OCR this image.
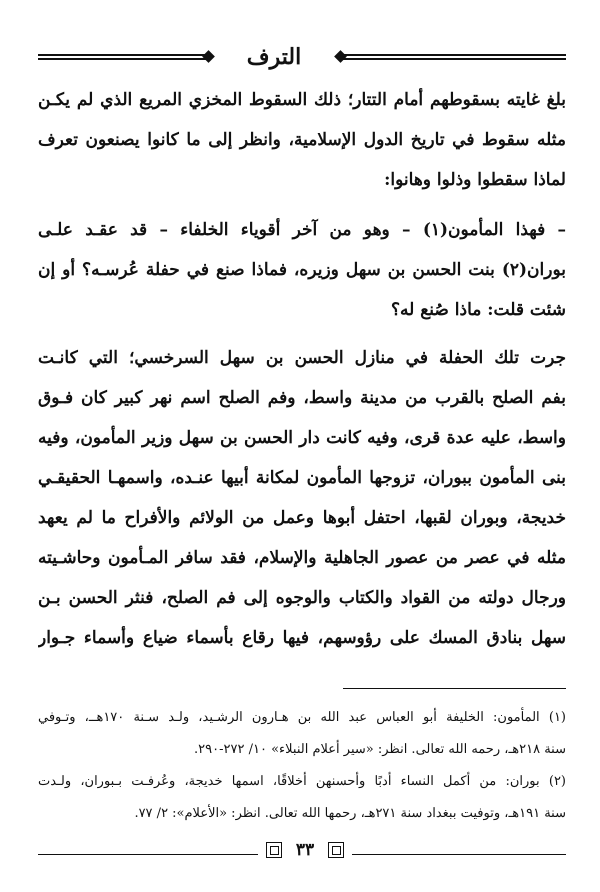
الترف
بلغ غايته بسقوطهم أمام التتار؛ ذلك السقوط المخزي المريع الذي لم يكـن
مثله سقوط في تاريخ الدول الإسلامية، وانظر إلى ما كانوا يصنعون تعرف
لماذا سقطوا وذلوا وهانوا:
– فهذا المأمون(١) – وهو من آخر أقوياء الخلفاء – قد عقـد علـى
بوران(٢) بنت الحسن بن سهل وزيره، فماذا صنع في حفلة عُرسـه؟ أو إن
شئت قلت: ماذا صُنع له؟
جرت تلك الحفلة في منازل الحسن بن سهل السرخسي؛ التي كانـت
بفم الصلح بالقرب من مدينة واسط، وفم الصلح اسم نهر كبير كان فـوق
واسط، عليه عدة قرى، وفيه كانت دار الحسن بن سهل وزير المأمون، وفيه
بنى المأمون ببوران، تزوجها المأمون لمكانة أبيها عنـده، واسمهـا الحقيقـي
خديجة، وبوران لقبها، احتفل أبوها وعمل من الولائم والأفراح ما لم يعهد
مثله في عصر من عصور الجاهلية والإسلام، فقد سافر المـأمون وحاشـيته
ورجال دولته من القواد والكتاب والوجوه إلى فم الصلح، فنثر الحسن بـن
سهل بنادق المسك على رؤوسهم، فيها رقاع بأسماء ضياع وأسماء جـوار
(١) المأمون: الخليفة أبو العباس عبد الله بن هـارون الرشـيد، ولـد سـنة ١٧٠هــ، وتـوفي
سنة ٢١٨هـ، رحمه الله تعالى. انظر: «سير أعلام النبلاء» ١٠/ ٢٧٢-٢٩٠.
(٢) بوران: من أكمل النساء أدبًا وأحسنهن أخلاقًا، اسمها خديجة، وعُرفـت بـبوران، ولـدت
سنة ١٩١هـ، وتوفيت ببغداد سنة ٢٧١هـ، رحمها الله تعالى. انظر: «الأعلام»: ٢/ ٧٧.
٣٣
